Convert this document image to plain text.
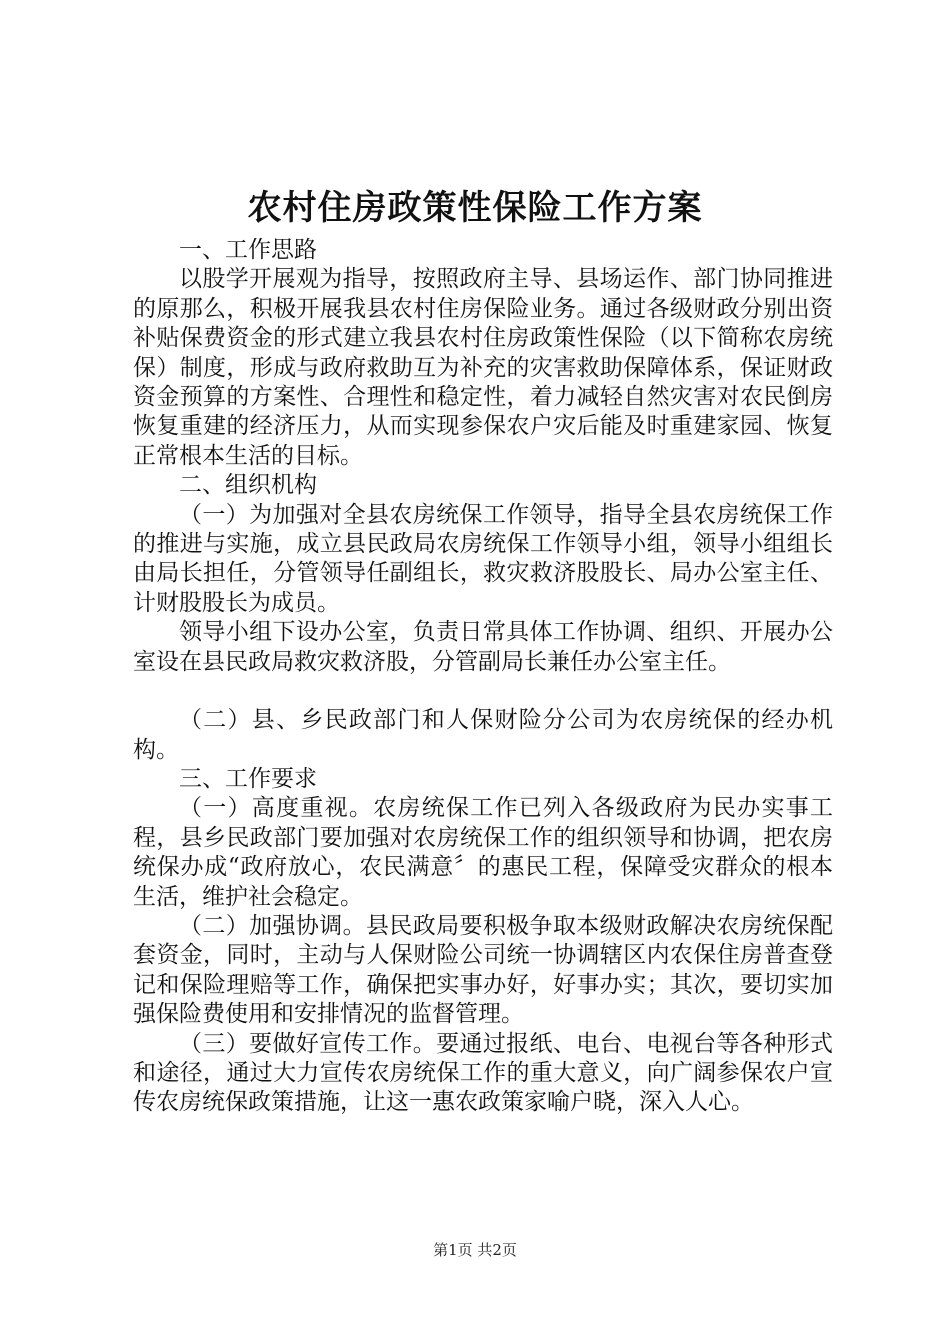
农村住房政策性保险工作方案

一、工作思路

以股学开展观为指导，按照政府主导、县场运作、部门协同推进的原那么，积极开展我县农村住房保险业务。通过各级财政分别出资补贴保费资金的形式建立我县农村住房政策性保险（以下简称农房统保）制度，形成与政府救助互为补充的灾害救助保障体系，保证财政资金预算的方案性、合理性和稳定性，着力减轻自然灾害对农民倒房恢复重建的经济压力，从而实现参保农户灾后能及时重建家园、恢复正常根本生活的目标。

二、组织机构

（一）为加强对全县农房统保工作领导，指导全县农房统保工作的推进与实施，成立县民政局农房统保工作领导小组，领导小组组长由局长担任，分管领导任副组长，救灾救济股股长、局办公室主任、计财股股长为成员。

领导小组下设办公室，负责日常具体工作协调、组织、开展办公室设在县民政局救灾救济股，分管副局长兼任办公室主任。

（二）县、乡民政部门和人保财险分公司为农房统保的经办机构。

三、工作要求

（一）高度重视。农房统保工作已列入各级政府为民办实事工程，县乡民政部门要加强对农房统保工作的组织领导和协调，把农房统保办成“政府放心，农民满意〞的惠民工程，保障受灾群众的根本生活，维护社会稳定。

（二）加强协调。县民政局要积极争取本级财政解决农房统保配套资金，同时，主动与人保财险公司统一协调辖区内农保住房普查登记和保险理赔等工作，确保把实事办好，好事办实；其次，要切实加强保险费使用和安排情况的监督管理。

（三）要做好宣传工作。要通过报纸、电台、电视台等各种形式和途径，通过大力宣传农房统保工作的重大意义，向广阔参保农户宣传农房统保政策措施，让这一惠农政策家喻户晓，深入人心。

第1页 共2页
